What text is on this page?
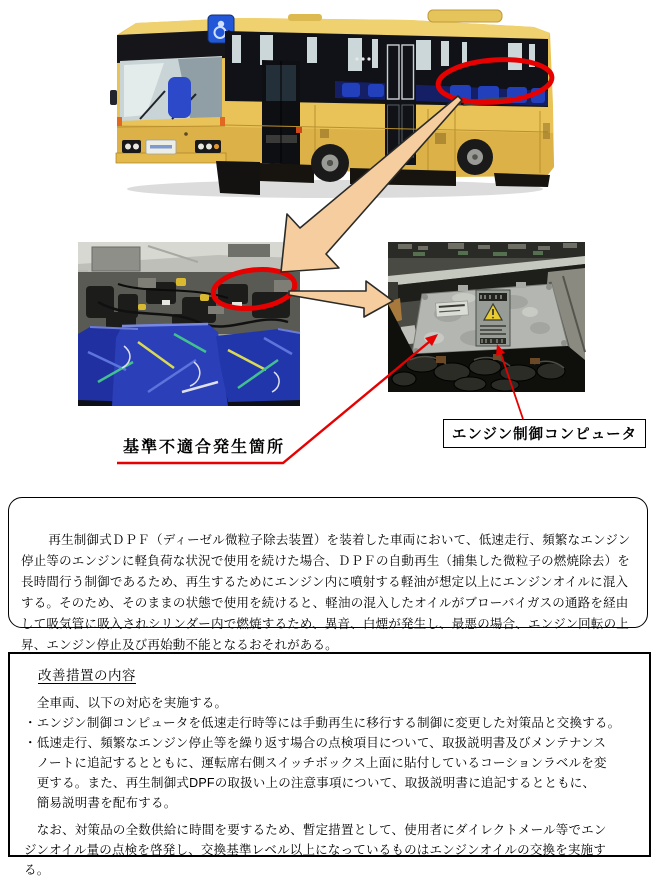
基準不適合発生箇所
エンジン制御コンピュータ

　再生制御式ＤＰＦ（ディーゼル微粒子除去装置）を装着した車両において、低速走行、頻繁なエンジン停止等のエンジンに軽負荷な状況で使用を続けた場合、ＤＰＦの自動再生（捕集した微粒子の燃焼除去）を長時間行う制御であるため、再生するためにエンジン内に噴射する軽油が想定以上にエンジンオイルに混入する。そのため、そのままの状態で使用を続けると、軽油の混入したオイルがブローバイガスの通路を経由して吸気管に吸入されシリンダー内で燃焼するため、異音、白煙が発生し、最悪の場合、エンジン回転の上昇、エンジン停止及び再始動不能となるおそれがある。

改善措置の内容
　全車両、以下の対応を実施する。
・エンジン制御コンピュータを低速走行時等には手動再生に移行する制御に変更した対策品と交換する。
・低速走行、頻繁なエンジン停止等を繰り返す場合の点検項目について、取扱説明書及びメンテナンス
　ノートに追記するとともに、運転席右側スイッチボックス上面に貼付しているコーションラベルを変
　更する。また、再生制御式DPFの取扱い上の注意事項について、取扱説明書に追記するとともに、
　簡易説明書を配布する。
　なお、対策品の全数供給に時間を要するため、暫定措置として、使用者にダイレクトメール等でエン
ジンオイル量の点検を啓発し、交換基準レベル以上になっているものはエンジンオイルの交換を実施す
る。
